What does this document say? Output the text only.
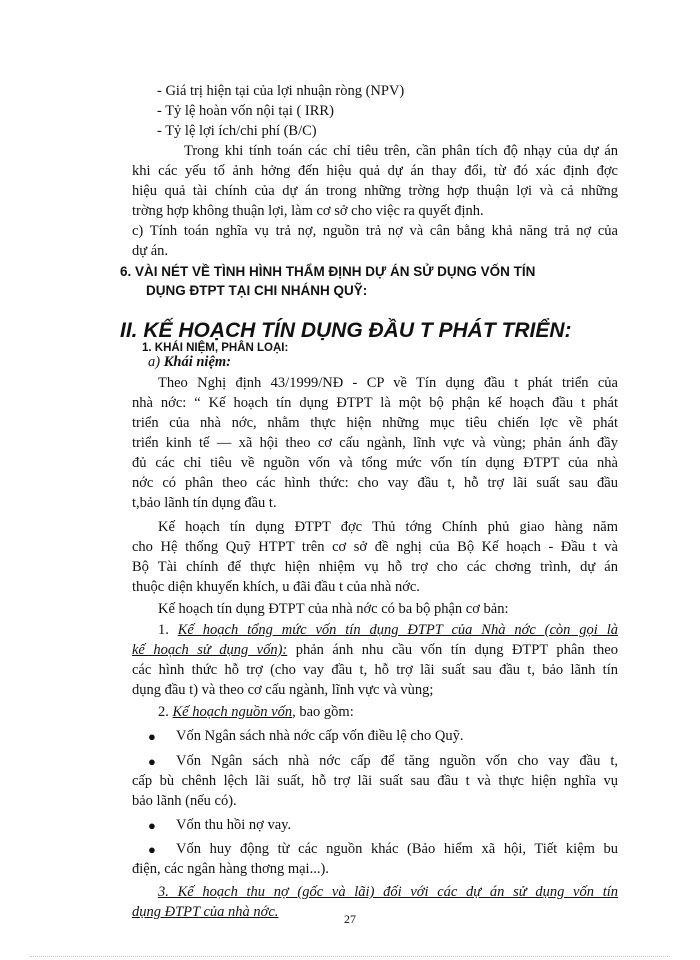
- Giá trị hiện tại của lợi nhuận ròng (NPV)
- Tỷ lệ hoàn vốn nội tại ( IRR)
- Tỷ lệ lợi ích/chi phí (B/C)
Trong khi tính toán các chỉ tiêu trên, cần phân tích độ nhạy của dự án
khi các yếu tố ảnh hởng đến hiệu quả dự án thay đổi, từ đó xác định đợc
hiệu quả tài chính của dự án trong những trờng hợp thuận lợi và cả những
trờng hợp không thuận lợi, làm cơ sở cho việc ra quyết định.
c) Tính toán nghĩa vụ trả nợ, nguồn trả nợ và cân bằng khả năng trả nợ của
dự án.
6. VÀI NÉT VỀ TÌNH HÌNH THẨM ĐỊNH DỰ ÁN SỬ DỤNG VỐN TÍN
DỤNG ĐTPT TẠI CHI NHÁNH QUỸ:
II. KẾ HOẠCH TÍN DỤNG ĐẦU T PHÁT TRIỂN:
1. KHÁI NIỆM, PHÂN LOẠI:
a) Khái niệm:
Theo Nghị định 43/1999/NĐ - CP về Tín dụng đầu t phát triển của
nhà nớc: “ Kế hoạch tín dụng ĐTPT là một bộ phận kế hoạch đầu t phát
triển của nhà nớc, nhằm thực hiện những mục tiêu chiến lợc về phát
triển kinh tế — xã hội theo cơ cấu ngành, lĩnh vực và vùng; phản ánh đầy
đủ các chỉ tiêu về nguồn vốn và tổng mức vốn tín dụng ĐTPT của nhà
nớc có phân theo các hình thức: cho vay đầu t, hỗ trợ lãi suất sau đầu
t,bảo lãnh tín dụng đầu t.
Kế hoạch tín dụng ĐTPT đợc Thủ tớng Chính phủ giao hàng năm
cho Hệ thống Quỹ HTPT trên cơ sở đề nghị của Bộ Kế hoạch - Đầu t và
Bộ Tài chính để thực hiện nhiệm vụ hỗ trợ cho các chơng trình, dự án
thuộc diện khuyến khích, u đãi đầu t của nhà nớc.
Kế hoạch tín dụng ĐTPT của nhà nớc có ba bộ phận cơ bản:
1. Kế hoạch tổng mức vốn tín dụng ĐTPT của Nhà nớc (còn gọi là
kế hoạch sử dụng vốn): phản ánh nhu cầu vốn tín dụng ĐTPT phân theo
các hình thức hỗ trợ (cho vay đầu t, hỗ trợ lãi suất sau đầu t, bảo lãnh tín
dụng đầu t) và theo cơ cấu ngành, lĩnh vực và vùng;
2. Kế hoạch nguồn vốn, bao gồm:
● Vốn Ngân sách nhà nớc cấp vốn điều lệ cho Quỹ.
● Vốn Ngân sách nhà nớc cấp để tăng nguồn vốn cho vay đầu t,
cấp bù chênh lệch lãi suất, hỗ trợ lãi suất sau đầu t và thực hiện nghĩa vụ
bảo lãnh (nếu có).
● Vốn thu hồi nợ vay.
● Vốn huy động từ các nguồn khác (Bảo hiểm xã hội, Tiết kiệm bu
điện, các ngân hàng thơng mại...).
3. Kế hoạch thu nợ (gốc và lãi) đối với các dự án sử dụng vốn tín
dụng ĐTPT của nhà nớc.	27
